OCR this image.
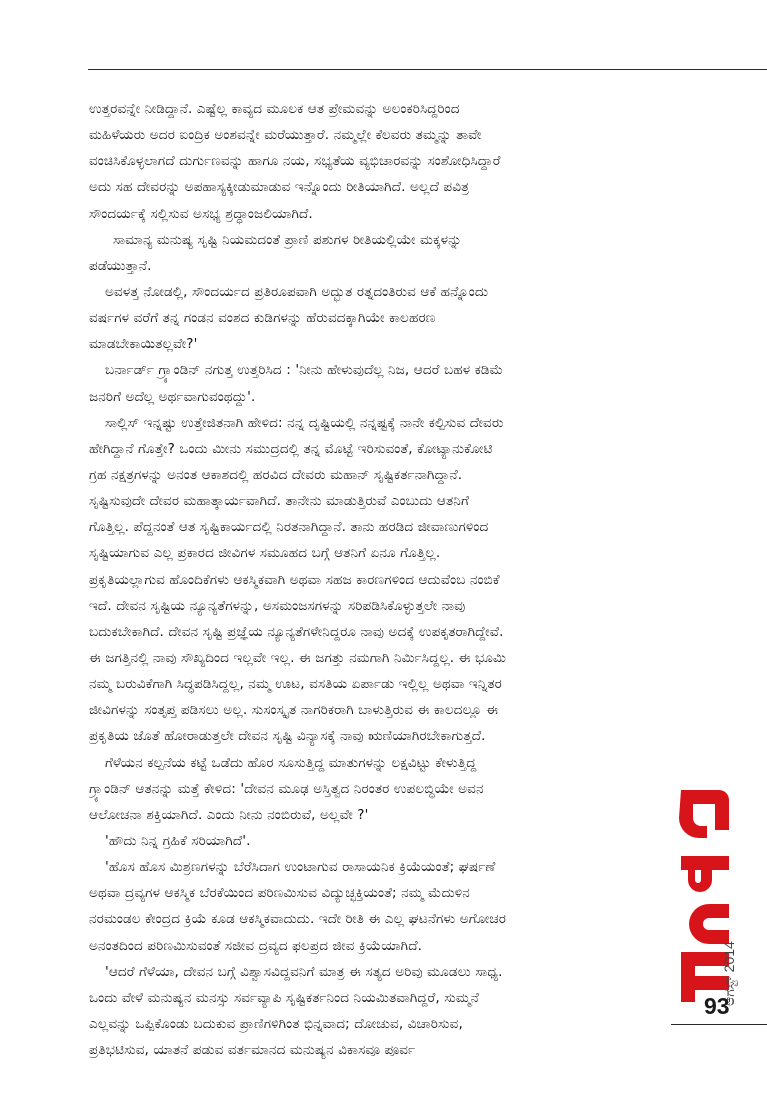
ಉತ್ತರವನ್ನೇ ನೀಡಿದ್ದಾನೆ. ಎಷ್ಟೆಲ್ಲ ಕಾವ್ಯದ ಮೂಲಕ ಆತ ಪ್ರೇಮವನ್ನು ಅಲಂಕರಿಸಿದ್ದರಿಂದ
ಮಹಿಳೆಯರು ಅದರ ಐಂದ್ರಿಕ ಅಂಶವನ್ನೇ ಮರೆಯುತ್ತಾರೆ. ನಮ್ಮಲ್ಲೇ ಕೆಲವರು ತಮ್ಮನ್ನು ತಾವೇ
ವಂಚಿಸಿಕೊಳ್ಳಲಾಗದೆ ದುರ್ಗುಣವನ್ನು ಹಾಗೂ ನಯ, ಸಭ್ಯತೆಯ ವ್ಯಭಿಚಾರವನ್ನು ಸಂಶೋಧಿಸಿದ್ದಾರೆ
ಅದು ಸಹ ದೇವರನ್ನು ಅಪಹಾಸ್ಯಕ್ಕೀಡುಮಾಡುವ ಇನ್ನೊಂದು ರೀತಿಯಾಗಿದೆ. ಅಲ್ಲದೆ ಪವಿತ್ರ
ಸೌಂದರ್ಯಕ್ಕೆ ಸಲ್ಲಿಸುವ ಅಸಭ್ಯ ಶ್ರದ್ಧಾಂಜಲಿಯಾಗಿದೆ.
ಸಾಮಾನ್ಯ ಮನುಷ್ಯ ಸೃಷ್ಟಿ ನಿಯಮದಂತೆ ಪ್ರಾಣಿ ಪಶುಗಳ ರೀತಿಯಲ್ಲಿಯೇ ಮಕ್ಕಳನ್ನು
ಪಡೆಯುತ್ತಾನೆ.
ಅವಳತ್ತ ನೋಡಲ್ಲಿ, ಸೌಂದರ್ಯದ ಪ್ರತಿರೂಪವಾಗಿ ಅದ್ಭುತ ರತ್ನದಂತಿರುವ ಆಕೆ ಹನ್ನೊಂದು
ವರ್ಷಗಳ ವರೆಗೆ ತನ್ನ ಗಂಡನ ವಂಶದ ಕುಡಿಗಳನ್ನು ಹೆರುವದಕ್ಕಾಗಿಯೇ ಕಾಲಹರಣ
ಮಾಡಬೇಕಾಯಿತಲ್ಲವೇ?'
ಬರ್ನಾರ್ಡ್ ಗ್ರ್ಯಾಂಡಿನ್ ನಗುತ್ತ ಉತ್ತರಿಸಿದ : 'ನೀನು ಹೇಳುವುದೆಲ್ಲ ನಿಜ, ಆದರೆ ಬಹಳ ಕಡಿಮೆ
ಜನರಿಗೆ ಅದೆಲ್ಲ ಅರ್ಥವಾಗುವಂಥದ್ದು'.
ಸಾಲ್ಲಿಸ್ ಇನ್ನಷ್ಟು ಉತ್ತೇಜಿತನಾಗಿ ಹೇಳಿದ: ನನ್ನ ದೃಷ್ಟಿಯಲ್ಲಿ ನನ್ನಷ್ಟಕ್ಕೆ ನಾನೇ ಕಲ್ಪಿಸುವ ದೇವರು
ಹೇಗಿದ್ದಾನೆ ಗೊತ್ತೇ? ಒಂದು ಮೀನು ಸಮುದ್ರದಲ್ಲಿ ತನ್ನ ಮೊಟ್ಟೆ ಇರಿಸುವಂತೆ, ಕೋಟ್ಯಾನುಕೋಟಿ
ಗ್ರಹ ನಕ್ಷತ್ರಗಳನ್ನು ಅನಂತ ಆಕಾಶದಲ್ಲಿ ಹರವಿದ ದೇವರು ಮಹಾನ್ ಸೃಷ್ಟಿಕರ್ತನಾಗಿದ್ದಾನೆ.
ಸೃಷ್ಟಿಸುವುದೇ ದೇವರ ಮಹಾತ್ಕಾರ್ಯವಾಗಿದೆ. ತಾನೇನು ಮಾಡುತ್ತಿರುವೆ ಎಂಬುದು ಆತನಿಗೆ
ಗೊತ್ತಿಲ್ಲ. ಪೆದ್ದನಂತೆ ಆತ ಸೃಷ್ಟಿಕಾರ್ಯದಲ್ಲಿ ನಿರತನಾಗಿದ್ದಾನೆ. ತಾನು ಹರಡಿದ ಜೀವಾಣುಗಳಿಂದ
ಸೃಷ್ಟಿಯಾಗುವ ಎಲ್ಲ ಪ್ರಕಾರದ ಜೀವಿಗಳ ಸಮೂಹದ ಬಗ್ಗೆ ಆತನಿಗೆ ಏನೂ ಗೊತ್ತಿಲ್ಲ.
ಪ್ರಕೃತಿಯಲ್ಲಾಗುವ ಹೊಂದಿಕೆಗಳು ಆಕಸ್ಮಿಕವಾಗಿ ಅಥವಾ ಸಹಜ ಕಾರಣಗಳಿಂದ ಆದುವೆಂಬ ನಂಬಿಕೆ
ಇದೆ. ದೇವನ ಸೃಷ್ಟಿಯ ನ್ಯೂನ್ಯತೆಗಳನ್ನು, ಅಸಮಂಜಸಗಳನ್ನು ಸರಿಪಡಿಸಿಕೊಳ್ಳುತ್ತಲೇ ನಾವು
ಬದುಕಬೇಕಾಗಿದೆ. ದೇವನ ಸೃಷ್ಟಿ ಪ್ರಜ್ಞೆಯ ನ್ಯೂನ್ಯತೆಗಳೇನಿದ್ದರೂ ನಾವು ಅದಕ್ಕೆ ಉಪಕೃತರಾಗಿದ್ದೇವೆ.
ಈ ಜಗತ್ತಿನಲ್ಲಿ ನಾವು ಸೌಖ್ಯದಿಂದ ಇಲ್ಲವೇ ಇಲ್ಲ. ಈ ಜಗತ್ತು ನಮಗಾಗಿ ನಿರ್ಮಿಸಿದ್ದಲ್ಲ. ಈ ಭೂಮಿ
ನಮ್ಮ ಬರುವಿಕೆಗಾಗಿ ಸಿದ್ಧಪಡಿಸಿದ್ದಲ್ಲ, ನಮ್ಮ ಊಟ, ವಸತಿಯ ಏರ್ಪಾಡು ಇಲ್ಲಿಲ್ಲ ಅಥವಾ ಇನ್ನಿತರ
ಜೀವಿಗಳನ್ನು ಸಂತೃಪ್ತ ಪಡಿಸಲು ಅಲ್ಲ. ಸುಸಂಸ್ಕೃತ ನಾಗರಿಕರಾಗಿ ಬಾಳುತ್ತಿರುವ ಈ ಕಾಲದಲ್ಲೂ ಈ
ಪ್ರಕೃತಿಯ ಜೊತೆ ಹೋರಾಡುತ್ತಲೇ ದೇವನ ಸೃಷ್ಟಿ ವಿನ್ಯಾಸಕ್ಕೆ ನಾವು ಋಣಿಯಾಗಿರಬೇಕಾಗುತ್ತದೆ.
ಗೆಳೆಯನ ಕಲ್ಪನೆಯ ಕಟ್ಟೆ ಒಡೆದು ಹೊರ ಸೂಸುತ್ತಿದ್ದ ಮಾತುಗಳನ್ನು ಲಕ್ಷವಿಟ್ಟು ಕೇಳುತ್ತಿದ್ದ
ಗ್ರ್ಯಾಂಡಿನ್ ಆತನನ್ನು ಮತ್ತೆ ಕೇಳಿದ: 'ದೇವನ ಮೂಢ ಅಸ್ತಿತ್ವದ ನಿರಂತರ ಉಪಲಬ್ಧಿಯೇ ಅವನ
ಆಲೋಚನಾ ಶಕ್ತಿಯಾಗಿದೆ. ಎಂದು ನೀನು ನಂಬಿರುವೆ, ಅಲ್ಲವೇ ?'
'ಹೌದು ನಿನ್ನ ಗ್ರಹಿಕೆ ಸರಿಯಾಗಿದೆ'.
'ಹೊಸ ಹೊಸ ಮಿಶ್ರಣಗಳನ್ನು ಬೆರೆಸಿದಾಗ ಉಂಟಾಗುವ ರಾಸಾಯನಿಕ ಕ್ರಿಯೆಯಂತೆ; ಘರ್ಷಣೆ
ಅಥವಾ ದ್ರವ್ಯಗಳ ಆಕಸ್ಮಿಕ ಬೆರಕೆಯಿಂದ ಪರಿಣಮಿಸುವ ವಿದ್ಯುಚ್ಛಕ್ತಿಯಂತೆ; ನಮ್ಮ ಮೆದುಳಿನ
ನರಮಂಡಲ ಕೇಂದ್ರದ ಕ್ರಿಯೆ ಕೂಡ ಆಕಸ್ಮಿಕವಾದುದು. ಇದೇ ರೀತಿ ಈ ಎಲ್ಲ ಘಟನೆಗಳು ಅಗೋಚರ
ಅನಂತದಿಂದ ಪರಿಣಮಿಸುವಂತೆ ಸಜೀವ ದ್ರವ್ಯದ ಫಲಪ್ರದ ಜೀವ ಕ್ರಿಯೆಯಾಗಿದೆ.
'ಆದರೆ ಗೆಳೆಯಾ, ದೇವನ ಬಗ್ಗೆ ವಿಶ್ವಾಸವಿದ್ದವನಿಗೆ ಮಾತ್ರ ಈ ಸತ್ಯದ ಅರಿವು ಮೂಡಲು ಸಾಧ್ಯ.
ಒಂದು ವೇಳೆ ಮನುಷ್ಯನ ಮನಸ್ಸು ಸರ್ವವ್ಯಾಪಿ ಸೃಷ್ಟಿಕರ್ತನಿಂದ ನಿಯಮಿತವಾಗಿದ್ದರೆ, ಸುಮ್ಮನೆ
ಎಲ್ಲವನ್ನು ಒಪ್ಪಿಕೊಂಡು ಬದುಕುವ ಪ್ರಾಣಿಗಳಿಗಿಂತ ಭಿನ್ನವಾದ; ದೋಚುವ, ವಿಚಾರಿಸುವ,
ಪ್ರತಿಭಟಿಸುವ, ಯಾತನೆ ಪಡುವ ವರ್ತಮಾನದ ಮನುಷ್ಯನ ವಿಕಾಸವೂ ಪೂರ್ವ
ಆಗಸ್ಟ್ 2014
93
